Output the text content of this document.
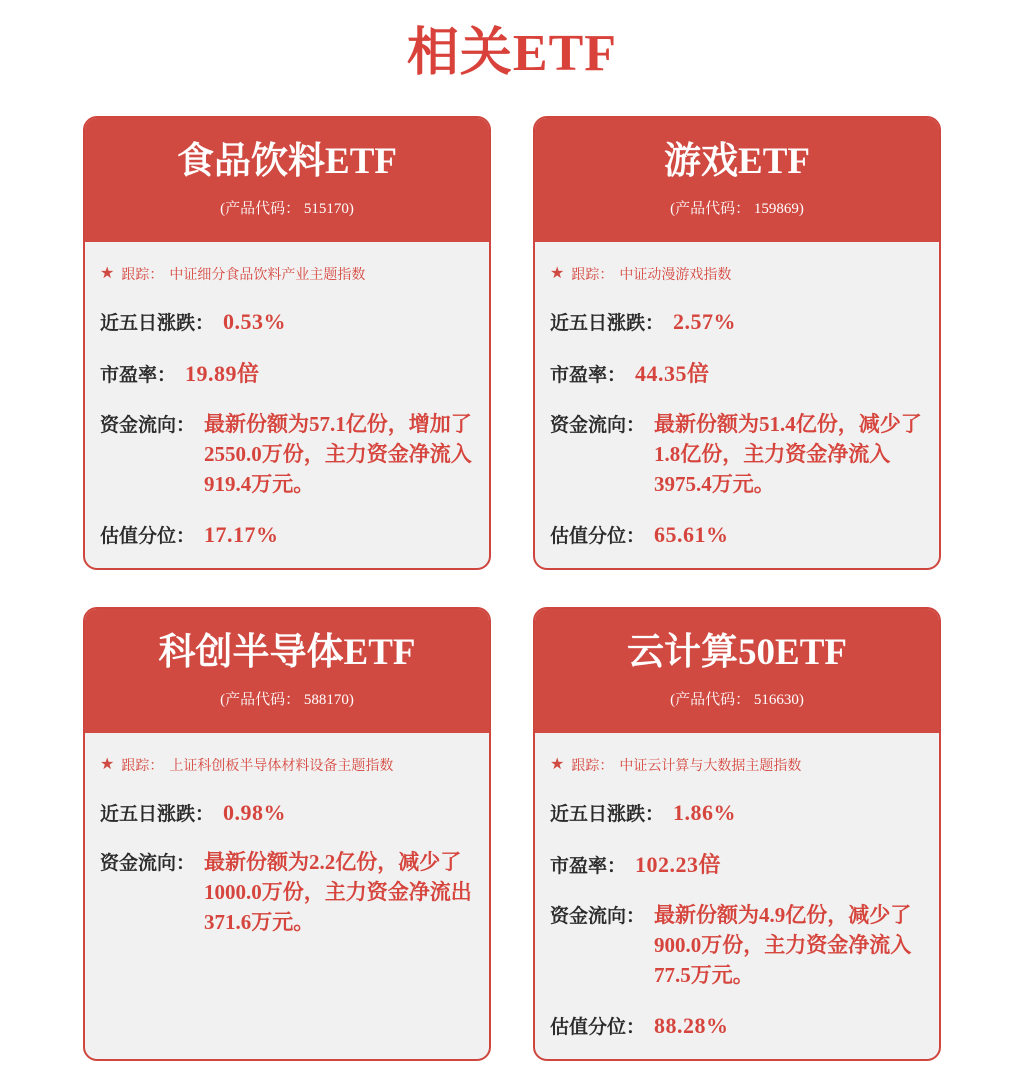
相关ETF
食品饮料ETF
(产品代码： 515170)
★ 跟踪： 中证细分食品饮料产业主题指数
近五日涨跌： 0.53%
市盈率： 19.89倍
资金流向： 最新份额为57.1亿份，增加了2550.0万份，主力资金净流入919.4万元。
估值分位： 17.17%
游戏ETF
(产品代码： 159869)
★ 跟踪： 中证动漫游戏指数
近五日涨跌： 2.57%
市盈率： 44.35倍
资金流向： 最新份额为51.4亿份，减少了1.8亿份，主力资金净流入3975.4万元。
估值分位： 65.61%
科创半导体ETF
(产品代码： 588170)
★ 跟踪： 上证科创板半导体材料设备主题指数
近五日涨跌： 0.98%
资金流向： 最新份额为2.2亿份，减少了1000.0万份，主力资金净流出371.6万元。
云计算50ETF
(产品代码： 516630)
★ 跟踪： 中证云计算与大数据主题指数
近五日涨跌： 1.86%
市盈率： 102.23倍
资金流向： 最新份额为4.9亿份，减少了900.0万份，主力资金净流入77.5万元。
估值分位： 88.28%
